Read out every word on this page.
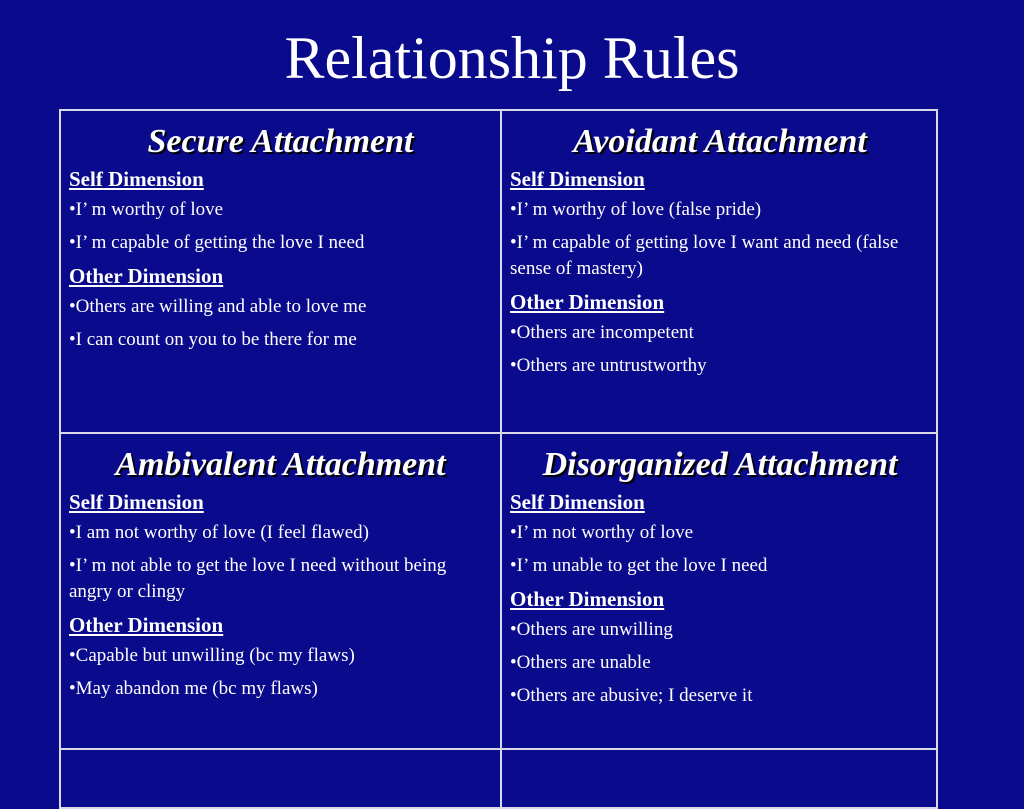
Relationship Rules
Secure Attachment
Self Dimension
•I’ m worthy of love
•I’ m capable of getting the love I need
Other Dimension
•Others are willing and able to love me
•I can count on you to be there for me
Avoidant Attachment
Self Dimension
•I’ m worthy of love (false pride)
•I’ m capable of getting love I want and need (false sense of mastery)
Other Dimension
•Others are incompetent
•Others are untrustworthy
Ambivalent Attachment
Self Dimension
•I am not worthy of love (I feel flawed)
•I’ m not able to get the love I need without being angry or clingy
Other Dimension
•Capable but unwilling (bc my flaws)
•May abandon me (bc my flaws)
Disorganized Attachment
Self Dimension
•I’ m not worthy of love
•I’ m unable to get the love I need
Other Dimension
•Others are unwilling
•Others are unable
•Others are abusive; I deserve it
